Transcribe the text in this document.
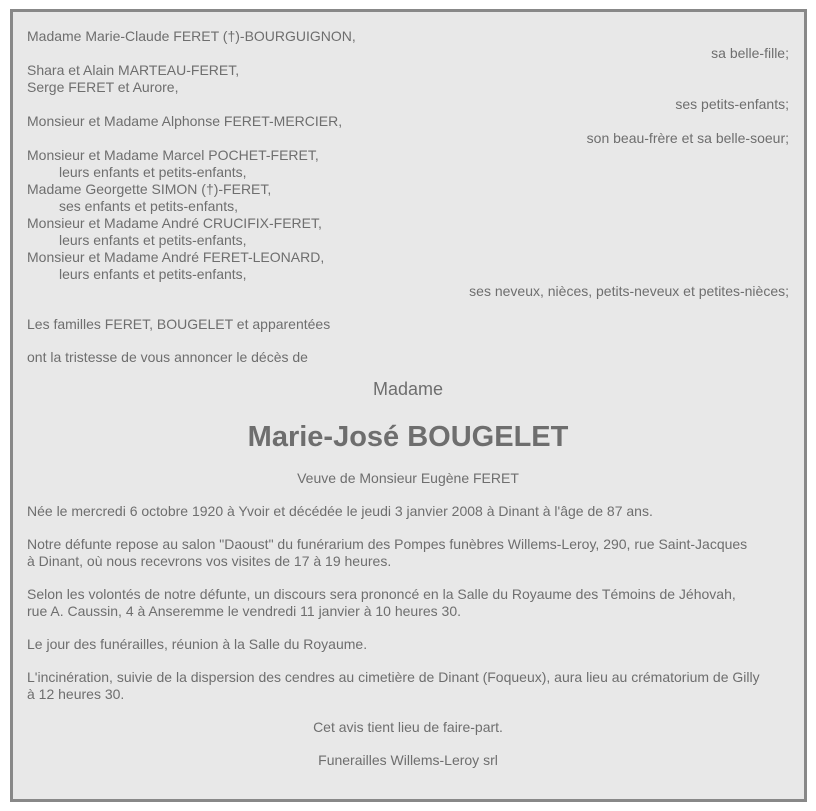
Madame Marie-Claude FERET (†)-BOURGUIGNON,
sa belle-fille;
Shara et Alain MARTEAU-FERET,
Serge FERET et Aurore,
ses petits-enfants;
Monsieur et Madame Alphonse FERET-MERCIER,
son beau-frère et sa belle-soeur;
Monsieur et Madame Marcel POCHET-FERET,
leurs enfants et petits-enfants,
Madame Georgette SIMON (†)-FERET,
ses enfants et petits-enfants,
Monsieur et Madame André CRUCIFIX-FERET,
leurs enfants et petits-enfants,
Monsieur et Madame André FERET-LEONARD,
leurs enfants et petits-enfants,
ses neveux, nièces, petits-neveux et petites-nièces;
Les familles FERET, BOUGELET et apparentées
ont la tristesse de vous annoncer le décès de
Madame
Marie-José BOUGELET
Veuve de Monsieur Eugène FERET
Née le mercredi 6 octobre 1920 à Yvoir et décédée le jeudi 3 janvier 2008 à Dinant à l'âge de 87 ans.
Notre défunte repose au salon "Daoust" du funérarium des Pompes funèbres Willems-Leroy, 290, rue Saint-Jacques
à Dinant, où nous recevrons vos visites de 17 à 19 heures.
Selon les volontés de notre défunte, un discours sera prononcé en la Salle du Royaume des Témoins de Jéhovah,
rue A. Caussin, 4 à Anseremme le vendredi 11 janvier à 10 heures 30.
Le jour des funérailles, réunion à la Salle du Royaume.
L'incinération, suivie de la dispersion des cendres au cimetière de Dinant (Foqueux), aura lieu au crématorium de Gilly
à 12 heures 30.
Cet avis tient lieu de faire-part.
Funerailles Willems-Leroy srl
